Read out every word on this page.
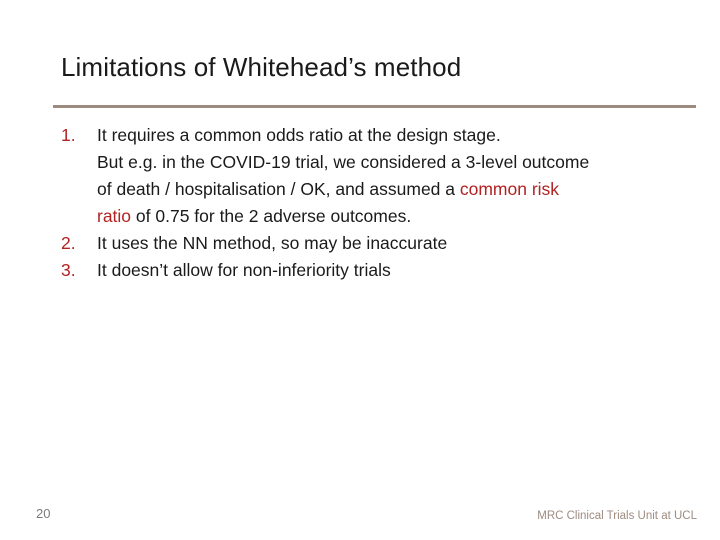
Limitations of Whitehead’s method
1. It requires a common odds ratio at the design stage.
But e.g. in the COVID-19 trial, we considered a 3-level outcome
of death / hospitalisation / OK, and assumed a common risk
ratio of 0.75 for the 2 adverse outcomes.
2. It uses the NN method, so may be inaccurate
3. It doesn’t allow for non-inferiority trials
20	MRC Clinical Trials Unit at UCL
